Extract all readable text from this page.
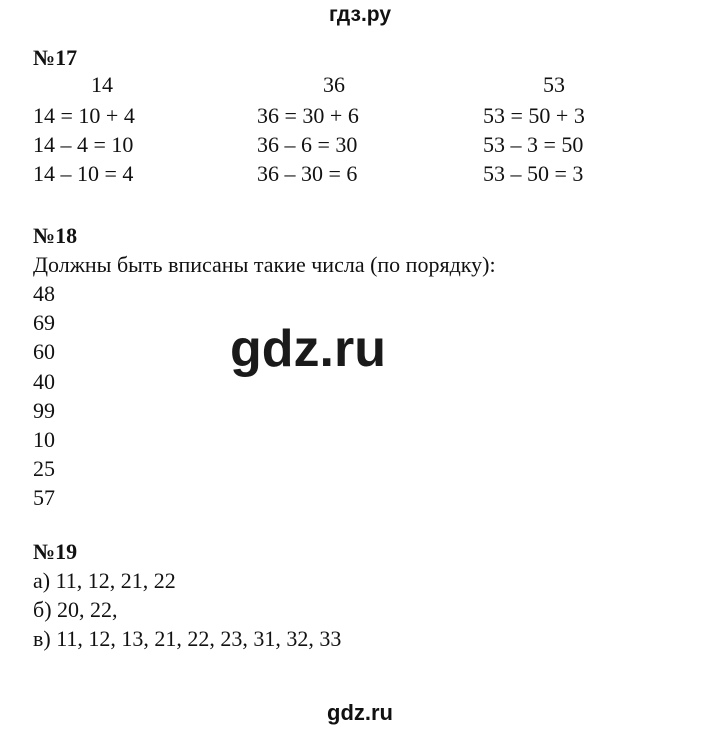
гдз.ру
№17
14	36	53
14 = 10 + 4
14 – 4 = 10
14 – 10 = 4
36 = 30 + 6
36 – 6 = 30
36 – 30 = 6
53 = 50 + 3
53 – 3 = 50
53 – 50 = 3
№18
Должны быть вписаны такие числа (по порядку):
48
69
60
40
99
10
25
57
gdz.ru
№19
а) 11, 12, 21, 22
б) 20, 22,
в) 11, 12, 13, 21, 22, 23, 31, 32, 33
gdz.ru
